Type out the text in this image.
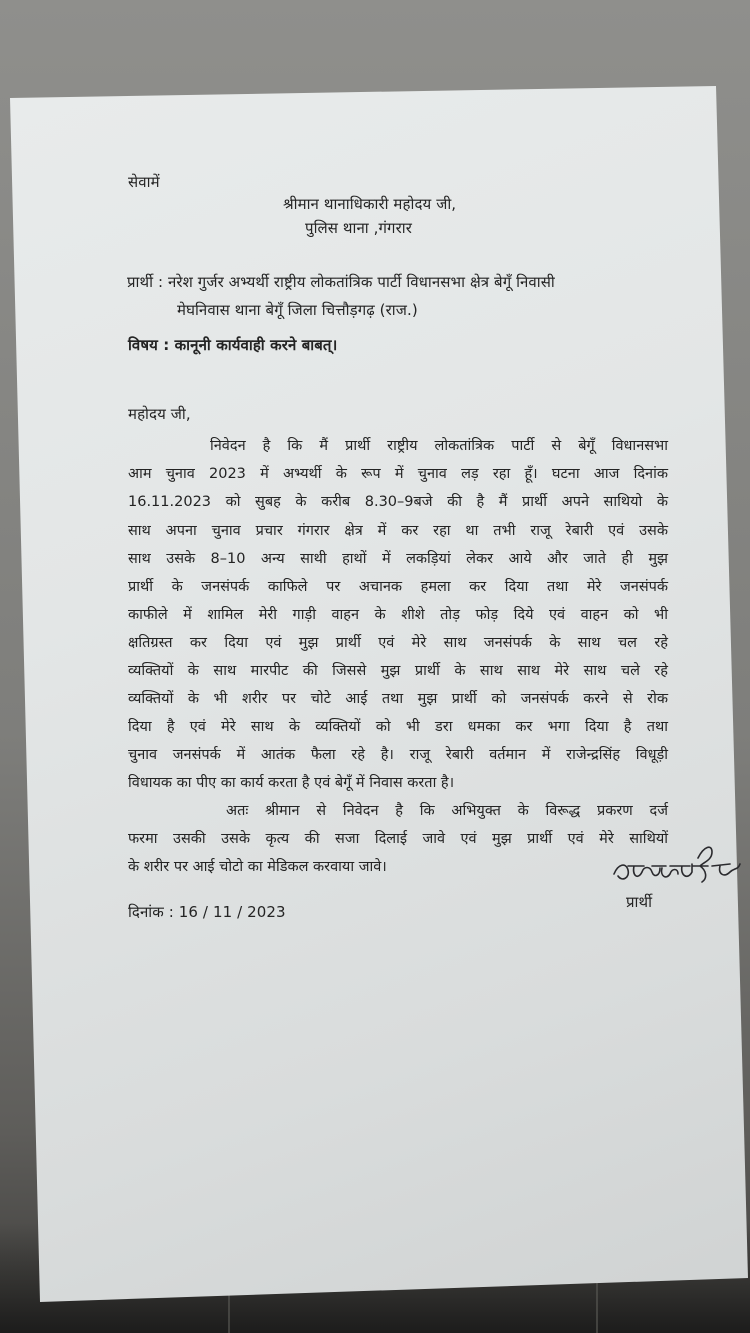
सेवामें
श्रीमान थानाधिकारी महोदय जी,
पुलिस थाना ,गंगरार
प्रार्थी : नरेश गुर्जर अभ्यर्थी राष्ट्रीय लोकतांत्रिक पार्टी विधानसभा क्षेत्र बेगूँ निवासी
मेघनिवास थाना बेगूँ जिला चित्तौड़गढ़ (राज.)
विषय : कानूनी कार्यवाही करने बाबत्।
महोदय जी,
निवेदन है कि मैं प्रार्थी राष्ट्रीय लोकतांत्रिक पार्टी से बेगूँ विधानसभा
आम चुनाव 2023 में अभ्यर्थी के रूप में चुनाव लड़ रहा हूँ। घटना आज दिनांक
16.11.2023 को सुबह के करीब 8.30–9बजे की है मैं प्रार्थी अपने साथियो के
साथ अपना चुनाव प्रचार गंगरार क्षेत्र में कर रहा था तभी राजू रेबारी एवं उसके
साथ उसके 8–10 अन्य साथी हाथों में लकड़ियां लेकर आये और जाते ही मुझ
प्रार्थी के जनसंपर्क काफिले पर अचानक हमला कर दिया तथा मेरे जनसंपर्क
काफीले में शामिल मेरी गाड़ी वाहन के शीशे तोड़ फोड़ दिये एवं वाहन को भी
क्षतिग्रस्त कर दिया एवं मुझ प्रार्थी एवं मेरे साथ जनसंपर्क के साथ चल रहे
व्यक्तियों के साथ मारपीट की जिससे मुझ प्रार्थी के साथ साथ मेरे साथ चले रहे
व्यक्तियों के भी शरीर पर चोटे आई तथा मुझ प्रार्थी को जनसंपर्क करने से रोक
दिया है एवं मेरे साथ के व्यक्तियों को भी डरा धमका कर भगा दिया है तथा
चुनाव जनसंपर्क में आतंक फैला रहे है। राजू रेबारी वर्तमान में राजेन्द्रसिंह विधूड़ी
विधायक का पीए का कार्य करता है एवं बेगूँ में निवास करता है।
अतः श्रीमान से निवेदन है कि अभियुक्त के विरूद्ध प्रकरण दर्ज
फरमा उसकी उसके कृत्य की सजा दिलाई जावे एवं मुझ प्रार्थी एवं मेरे साथियों
के शरीर पर आई चोटो का मेडिकल करवाया जावे।
नरेशगुर्जर प्रार्थी
दिनांक : 16 / 11 / 2023
